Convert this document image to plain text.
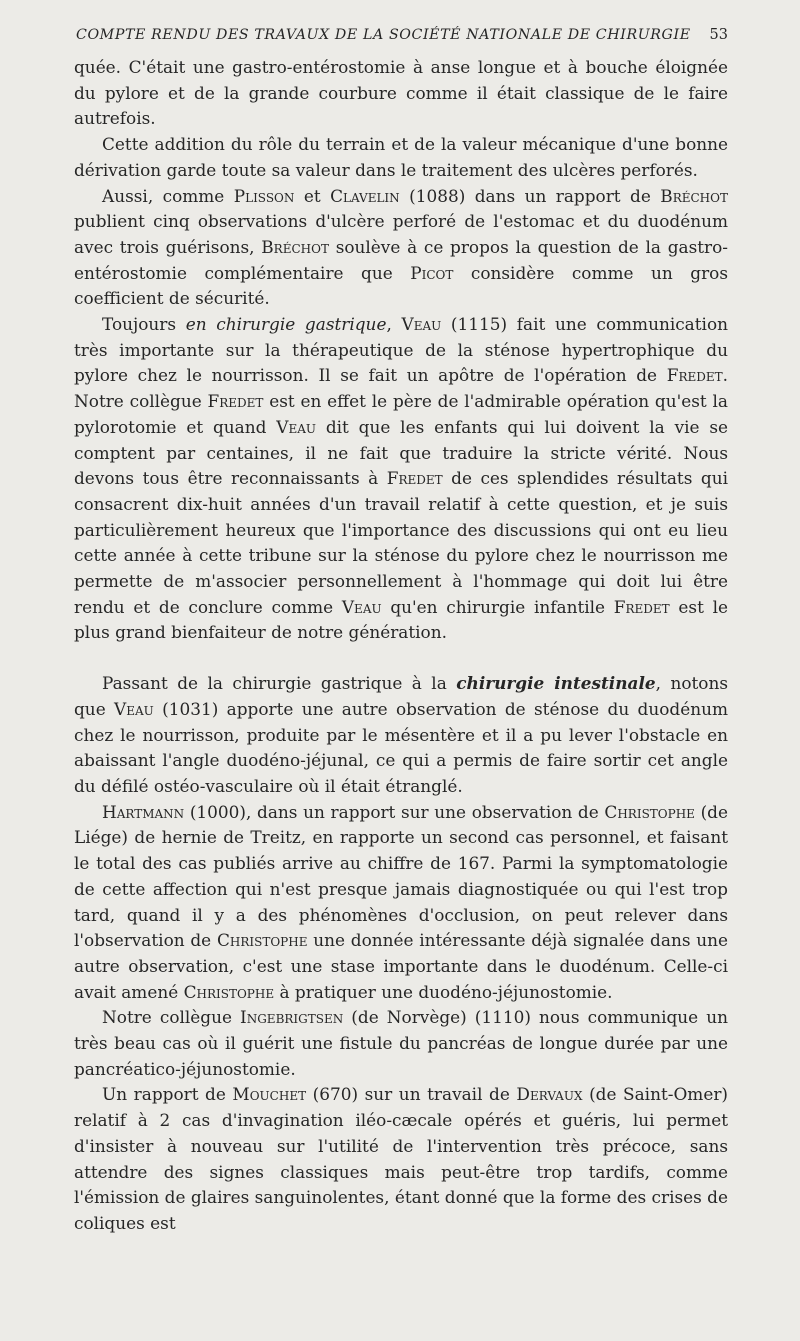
COMPTE RENDU DES TRAVAUX DE LA SOCIÉTÉ NATIONALE DE CHIRURGIE 53

quée. C'était une gastro-entérostomie à anse longue et à bouche éloignée du pylore et de la grande courbure comme il était classique de le faire autrefois.

Cette addition du rôle du terrain et de la valeur mécanique d'une bonne dérivation garde toute sa valeur dans le traitement des ulcères perforés.

Aussi, comme Plisson et Clavelin (1088) dans un rapport de Bréchot publient cinq observations d'ulcère perforé de l'estomac et du duodénum avec trois guérisons, Bréchot soulève à ce propos la question de la gastro-entérostomie complémentaire que Picot considère comme un gros coefficient de sécurité.

Toujours en chirurgie gastrique, Veau (1115) fait une communication très importante sur la thérapeutique de la sténose hypertrophique du pylore chez le nourrisson. Il se fait un apôtre de l'opération de Fredet. Notre collègue Fredet est en effet le père de l'admirable opération qu'est la pylorotomie et quand Veau dit que les enfants qui lui doivent la vie se comptent par centaines, il ne fait que traduire la stricte vérité. Nous devons tous être reconnaissants à Fredet de ces splendides résultats qui consacrent dix-huit années d'un travail relatif à cette question, et je suis particulièrement heureux que l'importance des discussions qui ont eu lieu cette année à cette tribune sur la sténose du pylore chez le nourrisson me permette de m'associer personnellement à l'hommage qui doit lui être rendu et de conclure comme Veau qu'en chirurgie infantile Fredet est le plus grand bienfaiteur de notre génération.

Passant de la chirurgie gastrique à la chirurgie intestinale, notons que Veau (1031) apporte une autre observation de sténose du duodénum chez le nourrisson, produite par le mésentère et il a pu lever l'obstacle en abaissant l'angle duodéno-jéjunal, ce qui a permis de faire sortir cet angle du défilé ostéo-vasculaire où il était étranglé.

Hartmann (1000), dans un rapport sur une observation de Christophe (de Liége) de hernie de Treitz, en rapporte un second cas personnel, et faisant le total des cas publiés arrive au chiffre de 167. Parmi la symptomatologie de cette affection qui n'est presque jamais diagnostiquée ou qui l'est trop tard, quand il y a des phénomènes d'occlusion, on peut relever dans l'observation de Christophe une donnée intéressante déjà signalée dans une autre observation, c'est une stase importante dans le duodénum. Celle-ci avait amené Christophe à pratiquer une duodéno-jéjunostomie.

Notre collègue Ingebrigtsen (de Norvège) (1110) nous communique un très beau cas où il guérit une fistule du pancréas de longue durée par une pancréatico-jéjunostomie.

Un rapport de Mouchet (670) sur un travail de Dervaux (de Saint-Omer) relatif à 2 cas d'invagination iléo-cæcale opérés et guéris, lui permet d'insister à nouveau sur l'utilité de l'intervention très précoce, sans attendre des signes classiques mais peut-être trop tardifs, comme l'émission de glaires sanguinolentes, étant donné que la forme des crises de coliques est
